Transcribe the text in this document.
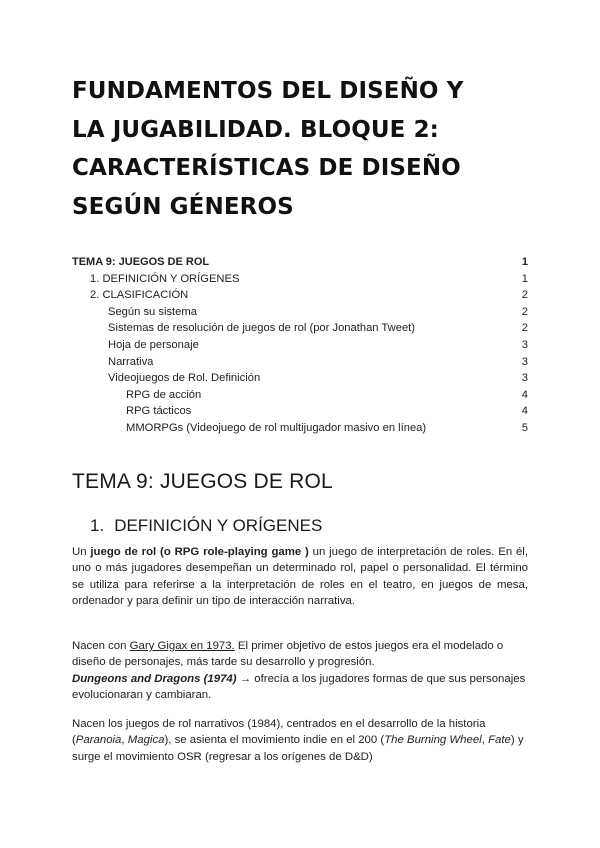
FUNDAMENTOS DEL DISEÑO Y
LA JUGABILIDAD. BLOQUE 2:
CARACTERÍSTICAS DE DISEÑO
SEGÚN GÉNEROS
TEMA 9: JUEGOS DE ROL	1
1. DEFINICIÓN Y ORÍGENES	1
2. CLASIFICACIÓN	2
Según su sistema	2
Sistemas de resolución de juegos de rol (por Jonathan Tweet)	2
Hoja de personaje	3
Narrativa	3
Videojuegos de Rol. Definición	3
RPG de acción	4
RPG tácticos	4
MMORPGs (Videojuego de rol multijugador masivo en línea)	5
TEMA 9: JUEGOS DE ROL
1. DEFINICIÓN Y ORÍGENES
Un juego de rol (o RPG role-playing game ) un juego de interpretación de roles. En él, uno o más jugadores desempeñan un determinado rol, papel o personalidad. El término se utiliza para referirse a la interpretación de roles en el teatro, en juegos de mesa, ordenador y para definir un tipo de interacción narrativa.
Nacen con Gary Gigax en 1973. El primer objetivo de estos juegos era el modelado o diseño de personajes, más tarde su desarrollo y progresión.
Dungeons and Dragons (1974) → ofrecía a los jugadores formas de que sus personajes evolucionaran y cambiaran.
Nacen los juegos de rol narrativos (1984), centrados en el desarrollo de la historia (Paranoia, Magica), se asienta el movimiento indie en el 200 (The Burning Wheel, Fate) y surge el movimiento OSR (regresar a los orígenes de D&D)
